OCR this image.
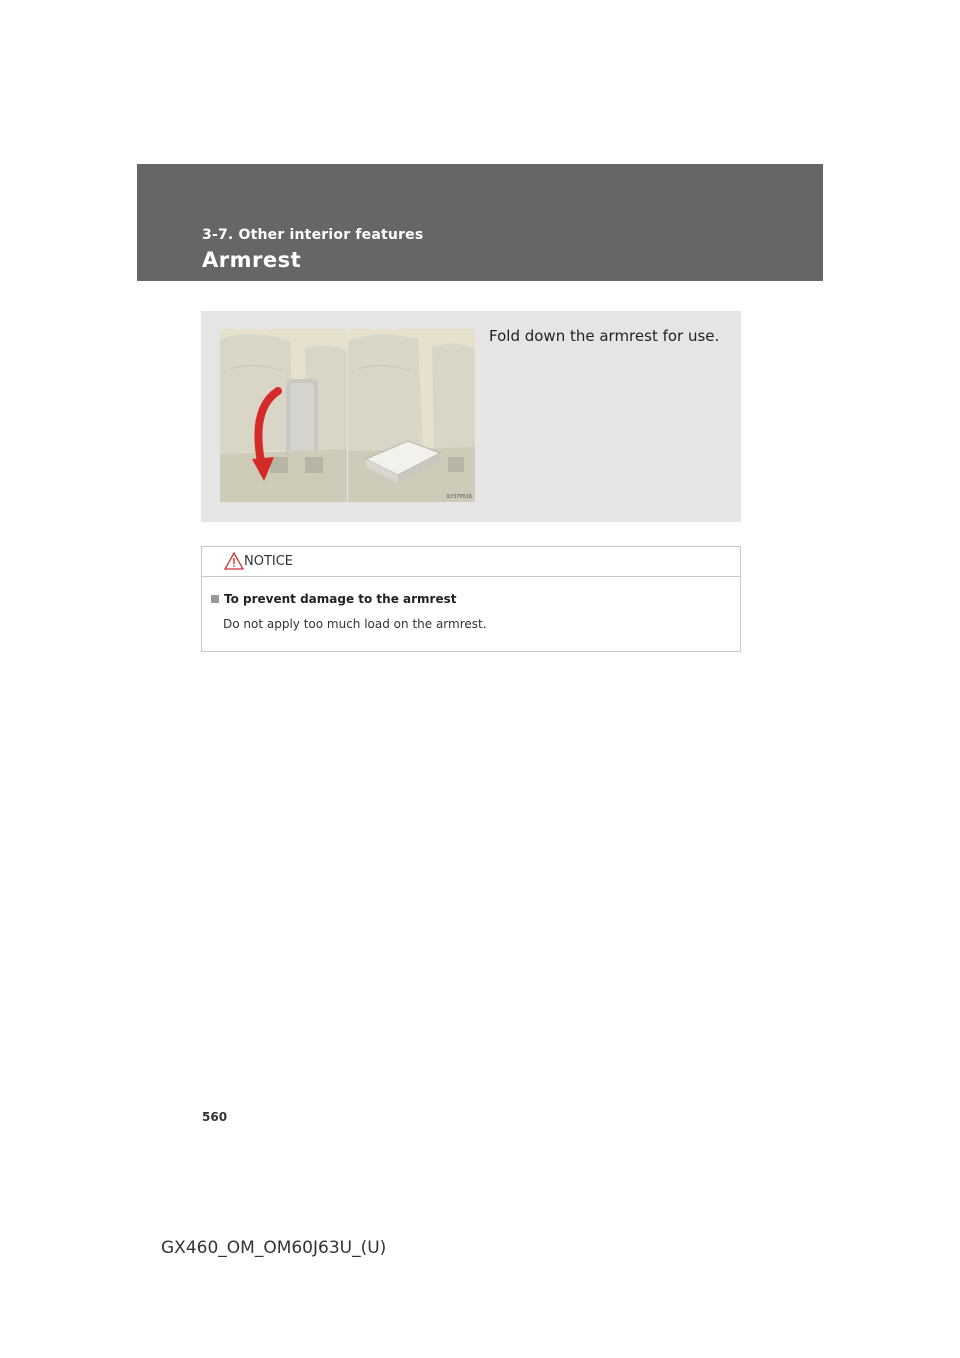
3-7. Other interior features
Armrest
ILY37P016
Fold down the armrest for use.
NOTICE
To prevent damage to the armrest
Do not apply too much load on the armrest.
560
GX460_OM_OM60J63U_(U)
